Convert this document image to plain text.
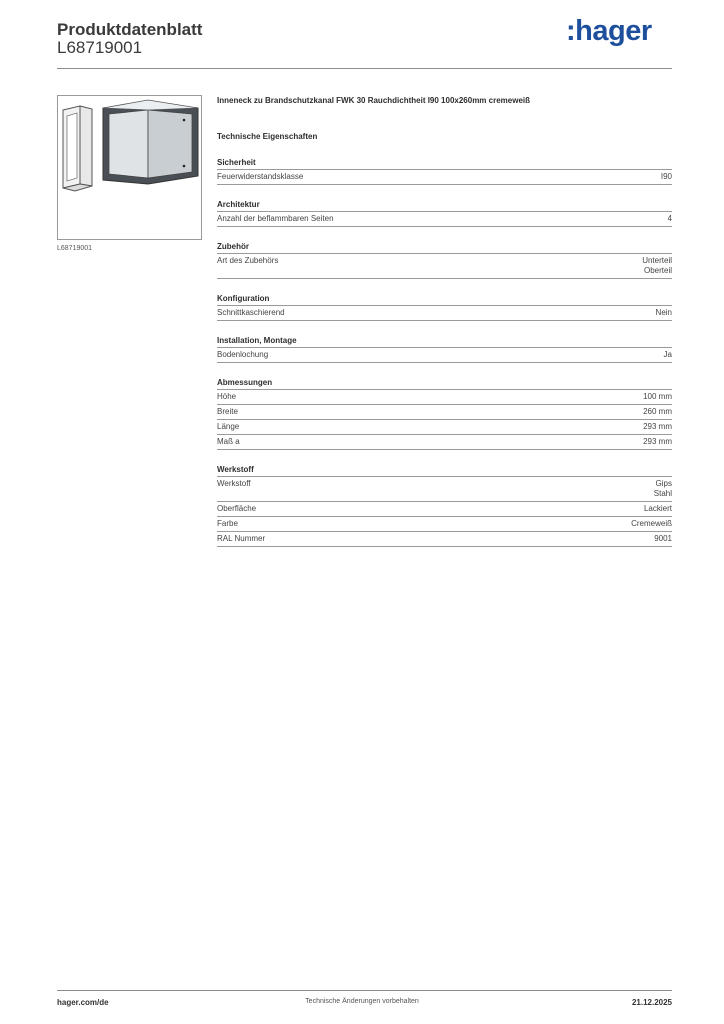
Produktdatenblatt
L68719001
:hager
L68719001
Inneneck zu Brandschutzkanal FWK 30 Rauchdichtheit I90 100x260mm cremeweiß
Technische Eigenschaften
Sicherheit
Feuerwiderstandsklasse	I90
Architektur
Anzahl der beflammbaren Seiten	4
Zubehör
Art des Zubehörs	Unterteil
Oberteil
Konfiguration
Schnittkaschierend	Nein
Installation, Montage
Bodenlochung	Ja
Abmessungen
Höhe	100 mm
Breite	260 mm
Länge	293 mm
Maß a	293 mm
Werkstoff
Werkstoff	Gips
Stahl
Oberfläche	Lackiert
Farbe	Cremeweiß
RAL Nummer	9001
hager.com/de	Technische Änderungen vorbehalten	21.12.2025
